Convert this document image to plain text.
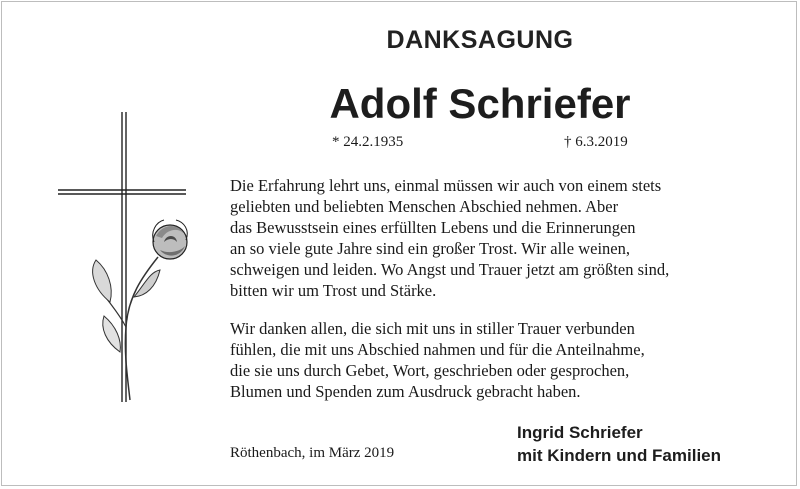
DANKSAGUNG
Adolf Schriefer
* 24.2.1935	† 6.3.2019
Die Erfahrung lehrt uns, einmal müssen wir auch von einem stets
geliebten und beliebten Menschen Abschied nehmen. Aber
das Bewusstsein eines erfüllten Lebens und die Erinnerungen
an so viele gute Jahre sind ein großer Trost. Wir alle weinen,
schweigen und leiden. Wo Angst und Trauer jetzt am größten sind,
bitten wir um Trost und Stärke.
Wir danken allen, die sich mit uns in stiller Trauer verbunden
fühlen, die mit uns Abschied nahmen und für die Anteilnahme,
die sie uns durch Gebet, Wort, geschrieben oder gesprochen,
Blumen und Spenden zum Ausdruck gebracht haben.
Röthenbach, im März 2019
Ingrid Schriefer
mit Kindern und Familien
